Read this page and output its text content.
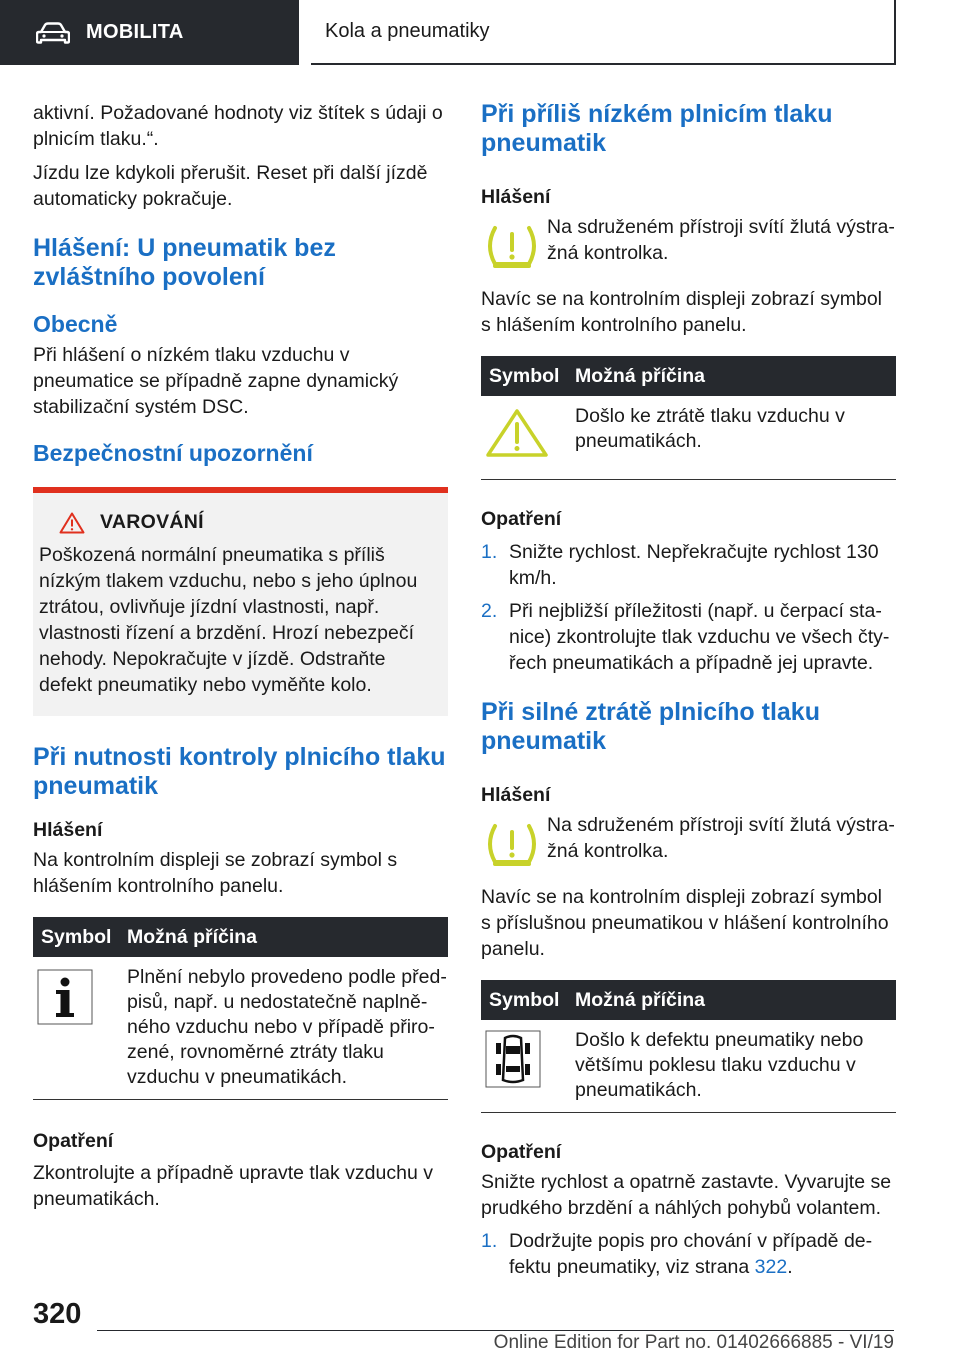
MOBILITA	Kola a pneumatiky

aktivní. Požadované hodnoty viz štítek s údaji o plnicím tlaku.“.

Jízdu lze kdykoli přerušit. Reset při další jízdě automaticky pokračuje.

Hlášení: U pneumatik bez zvláštního povolení
Obecně

Při hlášení o nízkém tlaku vzduchu v pneumatice se případně zapne dynamický stabilizační systém DSC.

Bezpečnostní upozornění
VAROVÁNÍ

Poškozená normální pneumatika s příliš nízkým tlakem vzduchu, nebo s jeho úplnou ztrátou, ovlivňuje jízdní vlastnosti, např. vlastnosti řízení a brzdění. Hrozí nebezpečí nehody. Nepokračujte v jízdě. Odstraňte defekt pneumatiky nebo vyměňte kolo.

Při nutnosti kontroly plnicího tlaku pneumatik
Hlášení

Na kontrolním displeji se zobrazí symbol s hlášením kontrolního panelu.

Symbol	Možná příčina
	Plnění nebylo provedeno podle předpisů, např. u nedostatečně naplněného vzduchu nebo v případě přirozené, rovnoměrné ztráty tlaku vzduchu v pneumatikách.
Opatření

Zkontrolujte a případně upravte tlak vzduchu v pneumatikách.

Při příliš nízkém plnicím tlaku pneumatik
Hlášení

Na sdruženém přístroji svítí žlutá výstražná kontrolka.

Navíc se na kontrolním displeji zobrazí symbol s hlášením kontrolního panelu.

Symbol	Možná příčina
	Došlo ke ztrátě tlaku vzduchu v pneumatikách.
Opatření
1. Snižte rychlost. Nepřekračujte rychlost 130 km/h.
2. Při nejbližší příležitosti (např. u čerpací stanice) zkontrolujte tlak vzduchu ve všech čtyřech pneumatikách a případně jej upravte.
Při silné ztrátě plnicího tlaku pneumatik
Hlášení

Na sdruženém přístroji svítí žlutá výstražná kontrolka.

Navíc se na kontrolním displeji zobrazí symbol s příslušnou pneumatikou v hlášení kontrolního panelu.

Symbol	Možná příčina
	Došlo k defektu pneumatiky nebo většímu poklesu tlaku vzduchu v pneumatikách.
Opatření

Snižte rychlost a opatrně zastavte. Vyvarujte se prudkého brzdění a náhlých pohybů volantem.

1. Dodržujte popis pro chování v případě defektu pneumatiky, viz strana 322.
320
Online Edition for Part no. 01402666885 - VI/19
